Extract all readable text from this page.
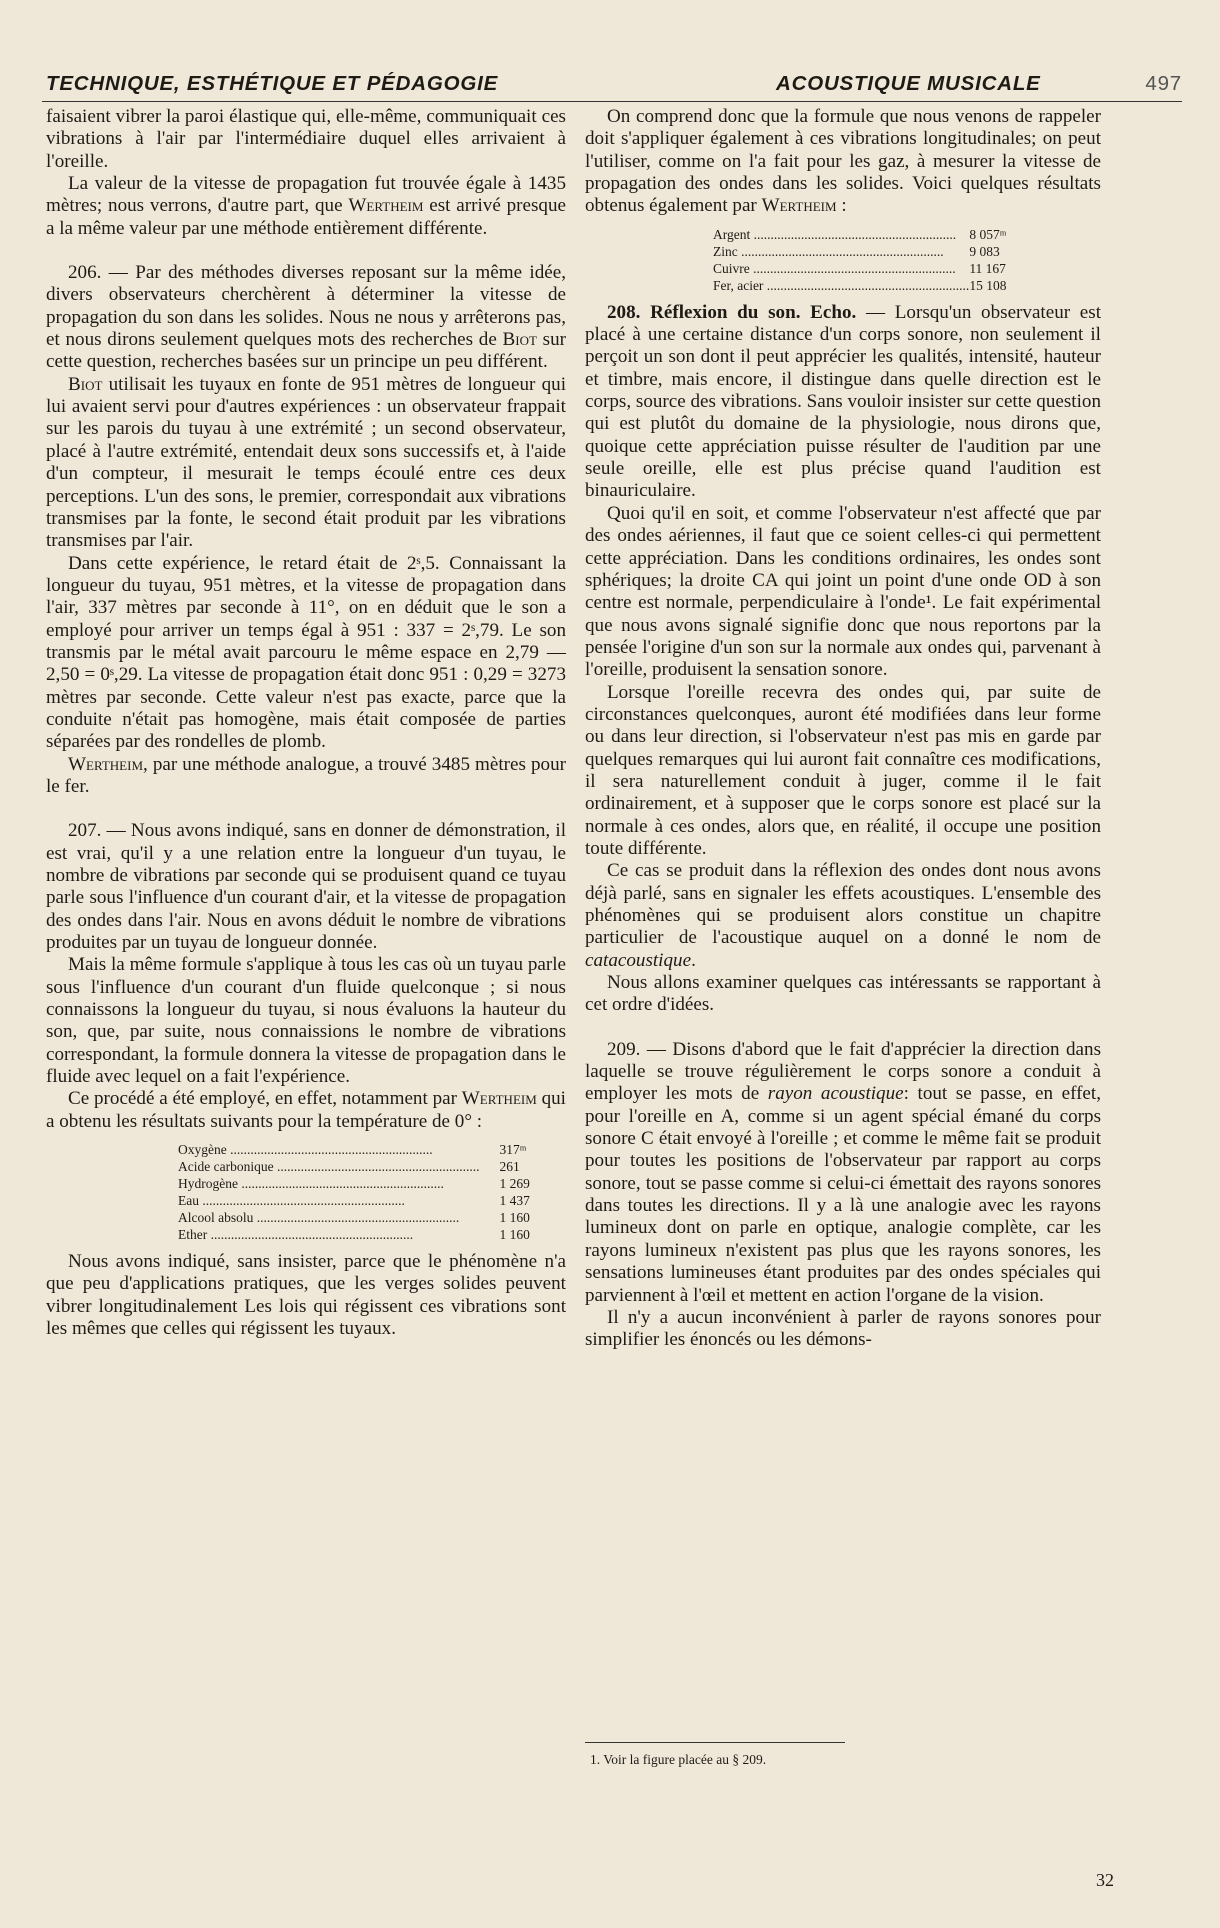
TECHNIQUE, ESTHÉTIQUE ET PÉDAGOGIE	ACOUSTIQUE MUSICALE	497

faisaient vibrer la paroi élastique qui, elle-même, communiquait ces vibrations à l'air par l'intermédiaire duquel elles arrivaient à l'oreille.

La valeur de la vitesse de propagation fut trouvée égale à 1435 mètres; nous verrons, d'autre part, que Wertheim est arrivé presque a la même valeur par une méthode entièrement différente.

206. — Par des méthodes diverses reposant sur la même idée, divers observateurs cherchèrent à déterminer la vitesse de propagation du son dans les solides. Nous ne nous y arrêterons pas, et nous dirons seulement quelques mots des recherches de Biot sur cette question, recherches basées sur un principe un peu différent.

Biot utilisait les tuyaux en fonte de 951 mètres de longueur qui lui avaient servi pour d'autres expériences : un observateur frappait sur les parois du tuyau à une extrémité ; un second observateur, placé à l'autre extrémité, entendait deux sons successifs et, à l'aide d'un compteur, il mesurait le temps écoulé entre ces deux perceptions. L'un des sons, le premier, correspondait aux vibrations transmises par la fonte, le second était produit par les vibrations transmises par l'air.

Dans cette expérience, le retard était de 2ˢ,5. Connaissant la longueur du tuyau, 951 mètres, et la vitesse de propagation dans l'air, 337 mètres par seconde à 11°, on en déduit que le son a employé pour arriver un temps égal à 951 : 337 = 2ˢ,79. Le son transmis par le métal avait parcouru le même espace en 2,79 — 2,50 = 0ˢ,29. La vitesse de propagation était donc 951 : 0,29 = 3273 mètres par seconde. Cette valeur n'est pas exacte, parce que la conduite n'était pas homogène, mais était composée de parties séparées par des rondelles de plomb.

Wertheim, par une méthode analogue, a trouvé 3485 mètres pour le fer.

207. — Nous avons indiqué, sans en donner de démonstration, il est vrai, qu'il y a une relation entre la longueur d'un tuyau, le nombre de vibrations par seconde qui se produisent quand ce tuyau parle sous l'influence d'un courant d'air, et la vitesse de propagation des ondes dans l'air. Nous en avons déduit le nombre de vibrations produites par un tuyau de longueur donnée.

Mais la même formule s'applique à tous les cas où un tuyau parle sous l'influence d'un courant d'un fluide quelconque ; si nous connaissons la longueur du tuyau, si nous évaluons la hauteur du son, que, par suite, nous connaissions le nombre de vibrations correspondant, la formule donnera la vitesse de propagation dans le fluide avec lequel on a fait l'expérience.

Ce procédé a été employé, en effet, notamment par Wertheim qui a obtenu les résultats suivants pour la température de 0° :

Oxygène ............................................................	317ᵐ
Acide carbonique ............................................................	261
Hydrogène ............................................................	1 269
Eau ............................................................	1 437
Alcool absolu ............................................................	1 160
Ether ............................................................	1 160

Nous avons indiqué, sans insister, parce que le phénomène n'a que peu d'applications pratiques, que les verges solides peuvent vibrer longitudinalement Les lois qui régissent ces vibrations sont les mêmes que celles qui régissent les tuyaux.

On comprend donc que la formule que nous venons de rappeler doit s'appliquer également à ces vibrations longitudinales; on peut l'utiliser, comme on l'a fait pour les gaz, à mesurer la vitesse de propagation des ondes dans les solides. Voici quelques résultats obtenus également par Wertheim :

Argent ............................................................	8 057ᵐ
Zinc ............................................................	9 083
Cuivre ............................................................	11 167
Fer, acier ............................................................	15 108

208. Réflexion du son. Echo. — Lorsqu'un observateur est placé à une certaine distance d'un corps sonore, non seulement il perçoit un son dont il peut apprécier les qualités, intensité, hauteur et timbre, mais encore, il distingue dans quelle direction est le corps, source des vibrations. Sans vouloir insister sur cette question qui est plutôt du domaine de la physiologie, nous dirons que, quoique cette appréciation puisse résulter de l'audition par une seule oreille, elle est plus précise quand l'audition est binauriculaire.

Quoi qu'il en soit, et comme l'observateur n'est affecté que par des ondes aériennes, il faut que ce soient celles-ci qui permettent cette appréciation. Dans les conditions ordinaires, les ondes sont sphériques; la droite CA qui joint un point d'une onde OD à son centre est normale, perpendiculaire à l'onde¹. Le fait expérimental que nous avons signalé signifie donc que nous reportons par la pensée l'origine d'un son sur la normale aux ondes qui, parvenant à l'oreille, produisent la sensation sonore.

Lorsque l'oreille recevra des ondes qui, par suite de circonstances quelconques, auront été modifiées dans leur forme ou dans leur direction, si l'observateur n'est pas mis en garde par quelques remarques qui lui auront fait connaître ces modifications, il sera naturellement conduit à juger, comme il le fait ordinairement, et à supposer que le corps sonore est placé sur la normale à ces ondes, alors que, en réalité, il occupe une position toute différente.

Ce cas se produit dans la réflexion des ondes dont nous avons déjà parlé, sans en signaler les effets acoustiques. L'ensemble des phénomènes qui se produisent alors constitue un chapitre particulier de l'acoustique auquel on a donné le nom de catacoustique.

Nous allons examiner quelques cas intéressants se rapportant à cet ordre d'idées.

209. — Disons d'abord que le fait d'apprécier la direction dans laquelle se trouve régulièrement le corps sonore a conduit à employer les mots de rayon acoustique: tout se passe, en effet, pour l'oreille en A, comme si un agent spécial émané du corps sonore C était envoyé à l'oreille ; et comme le même fait se produit pour toutes les positions de l'observateur par rapport au corps sonore, tout se passe comme si celui-ci émettait des rayons sonores dans toutes les directions. Il y a là une analogie avec les rayons lumineux dont on parle en optique, analogie complète, car les rayons lumineux n'existent pas plus que les rayons sonores, les sensations lumineuses étant produites par des ondes spéciales qui parviennent à l'œil et mettent en action l'organe de la vision.

Il n'y a aucun inconvénient à parler de rayons sonores pour simplifier les énoncés ou les démons-

1. Voir la figure placée au § 209.
32
